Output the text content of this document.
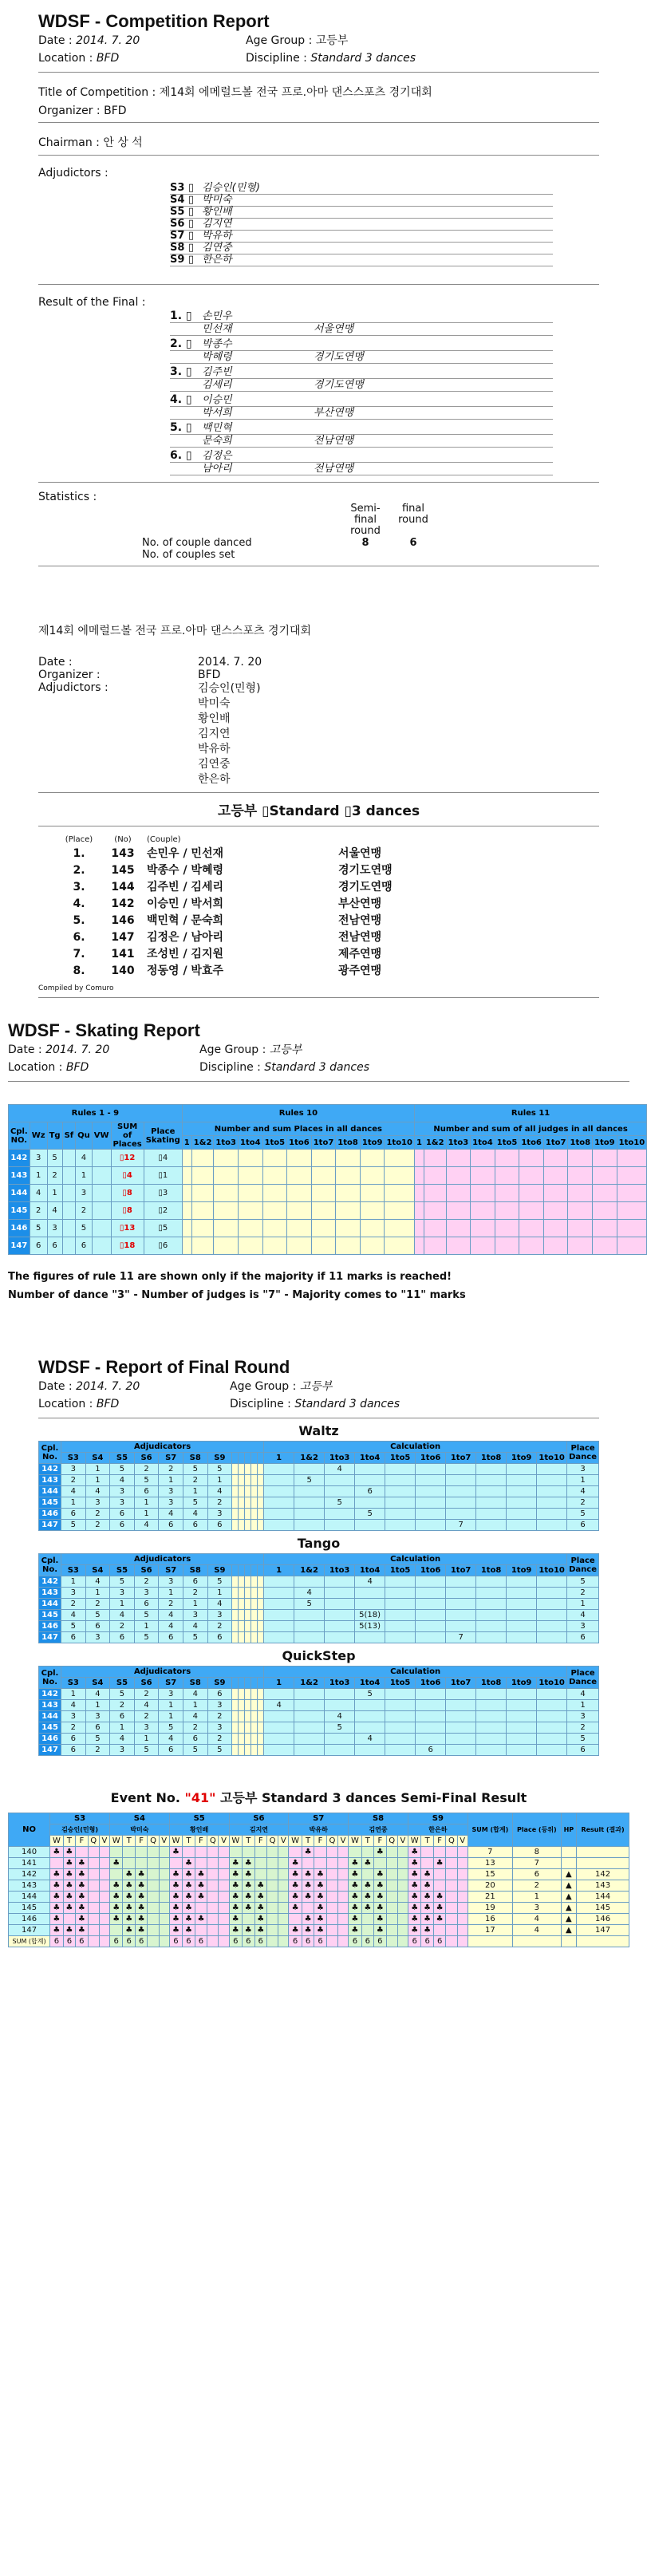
WDSF - Competition Report
Date : 2014. 7. 20	Age Group : 고등부
Location : BFD	Discipline : Standard 3 dances
Title of Competition : 제14회 에메럴드볼 전국 프로.아마 댄스스포츠 경기대회
Organizer : BFD
Chairman : 안 상 석
Adjudictors :
S3 ▯ 김승인(민형)
S4 ▯ 박미숙
S5 ▯ 황인배
S6 ▯ 김지연
S7 ▯ 박유하
S8 ▯ 김연중
S9 ▯ 한은하
Result of the Final :
1. ▯ 손민우
민선재	서울연맹
2. ▯ 박종수
박혜령	경기도연맹
3. ▯ 김주빈
김세리	경기도연맹
4. ▯ 이승민
박서희	부산연맹
5. ▯ 백민혁
문숙희	전남연맹
6. ▯ 김정은
남아리	전남연맹
Statistics :
Semi-final round
final round
No. of couple danced	8	6
No. of couples set
제14회 에메럴드볼 전국 프로.아마 댄스스포츠 경기대회
Date :	2014. 7. 20
Organizer :	BFD
Adjudictors :	김승인(민형)
박미숙
황인배
김지연
박유하
김연중
한은하
고등부 ▯Standard ▯3 dances
(Place)	(No)	(Couple)
1.	143	손민우 / 민선재	서울연맹
2.	145	박종수 / 박혜령	경기도연맹
3.	144	김주빈 / 김세리	경기도연맹
4.	142	이승민 / 박서희	부산연맹
5.	146	백민혁 / 문숙희	전남연맹
6.	147	김정은 / 남아리	전남연맹
7.	141	조성빈 / 김지원	제주연맹
8.	140	정동영 / 박효주	광주연맹
Compiled by Comuro
WDSF - Skating Report
Date : 2014. 7. 20	Age Group : 고등부
Location : BFD	Discipline : Standard 3 dances
Rules 1 - 9								Rules 10										Rules 11									
Cpl. NO.	Wz	Tg	Sf	Qu	VW	SUM of Places	Place Skating	Number and sum Places in all dances										Number and sum of all judges in all dances									
								1	1&2	1to3	1to4	1to5	1to6	1to7	1to8	1to9	1to10	1	1&2	1to3	1to4	1to5	1to6	1to7	1to8	1to9	1to10
142	3	5		4		▯12	▯4																				
143	1	2		1		▯4	▯1																				
144	4	1		3		▯8	▯3																				
145	2	4		2		▯8	▯2																				
146	5	3		5		▯13	▯5																				
147	6	6		6		▯18	▯6																				
The figures of rule 11 are shown only if the majority if 11 marks is reached!
Number of dance "3" - Number of judges is "7" - Majority comes to "11" marks
WDSF - Report of Final Round
Date : 2014. 7. 20	Age Group : 고등부
Location : BFD	Discipline : Standard 3 dances
Waltz
Cpl. No.	Adjudicators												Calculation										Place Dance
	S3	S4	S5	S6	S7	S8	S9						1	1&2	1to3	1to4	1to5	1to6	1to7	1to8	1to9	1to10	
142	3	1	5	2	2	5	5								4								3
143	2	1	4	5	1	2	1							5									1
144	4	4	3	6	3	1	4									6							4
145	1	3	3	1	3	5	2								5								2
146	6	2	6	1	4	4	3									5							5
147	5	2	6	4	6	6	6												7				6
Tango
Cpl. No.	Adjudicators												Calculation										Place Dance
	S3	S4	S5	S6	S7	S8	S9						1	1&2	1to3	1to4	1to5	1to6	1to7	1to8	1to9	1to10	
142	1	4	5	2	3	6	5									4							5
143	3	1	3	3	1	2	1							4									2
144	2	2	1	6	2	1	4							5									1
145	4	5	4	5	4	3	3									5(18)							4
146	5	6	2	1	4	4	2									5(13)							3
147	6	3	6	5	6	5	6												7				6
QuickStep
Cpl. No.	Adjudicators												Calculation										Place Dance
	S3	S4	S5	S6	S7	S8	S9						1	1&2	1to3	1to4	1to5	1to6	1to7	1to8	1to9	1to10	
142	1	4	5	2	3	4	6									5							4
143	4	1	2	4	1	1	3						4										1
144	3	3	6	2	1	4	2								4								3
145	2	6	1	3	5	2	3								5								2
146	6	5	4	1	4	6	2									4							5
147	6	2	3	5	6	5	5											6					6
Event No. "41" 고등부 Standard 3 dances Semi-Final Result
NO	S3					S4					S5					S6					S7					S8					S9					SUM (합계)	Place (등위)	HP	Result (결과)
	김승인(민형)					박미숙					황인배					김지연					박유하					김연중					한은하								
	W	T	F	Q	V	W	T	F	Q	V	W	T	F	Q	V	W	T	F	Q	V	W	T	F	Q	V	W	T	F	Q	V	W	T	F	Q	V				
140	♣	♣									♣											♣						♣			♣					7	8		
141		♣	♣			♣						♣				♣	♣				♣					♣	♣				♣		♣			13	7		
142	♣	♣	♣				♣	♣			♣	♣	♣			♣	♣				♣	♣	♣			♣		♣			♣	♣				15	6	▲	142
143	♣	♣	♣			♣	♣	♣			♣	♣	♣			♣	♣	♣			♣	♣	♣			♣	♣	♣			♣	♣				20	2	▲	143
144	♣	♣	♣			♣	♣	♣			♣	♣	♣			♣	♣	♣			♣	♣	♣			♣	♣	♣			♣	♣	♣			21	1	▲	144
145	♣	♣	♣			♣	♣	♣			♣	♣				♣	♣	♣			♣		♣			♣	♣	♣			♣	♣	♣			19	3	▲	145
146	♣		♣			♣	♣	♣			♣	♣	♣			♣		♣				♣	♣			♣		♣			♣	♣	♣			16	4	▲	146
147	♣	♣	♣				♣	♣			♣	♣				♣	♣	♣			♣	♣	♣			♣		♣			♣	♣				17	4	▲	147
SUM (합계)	6	6	6			6	6	6			6	6	6			6	6	6			6	6	6			6	6	6			6	6	6						
